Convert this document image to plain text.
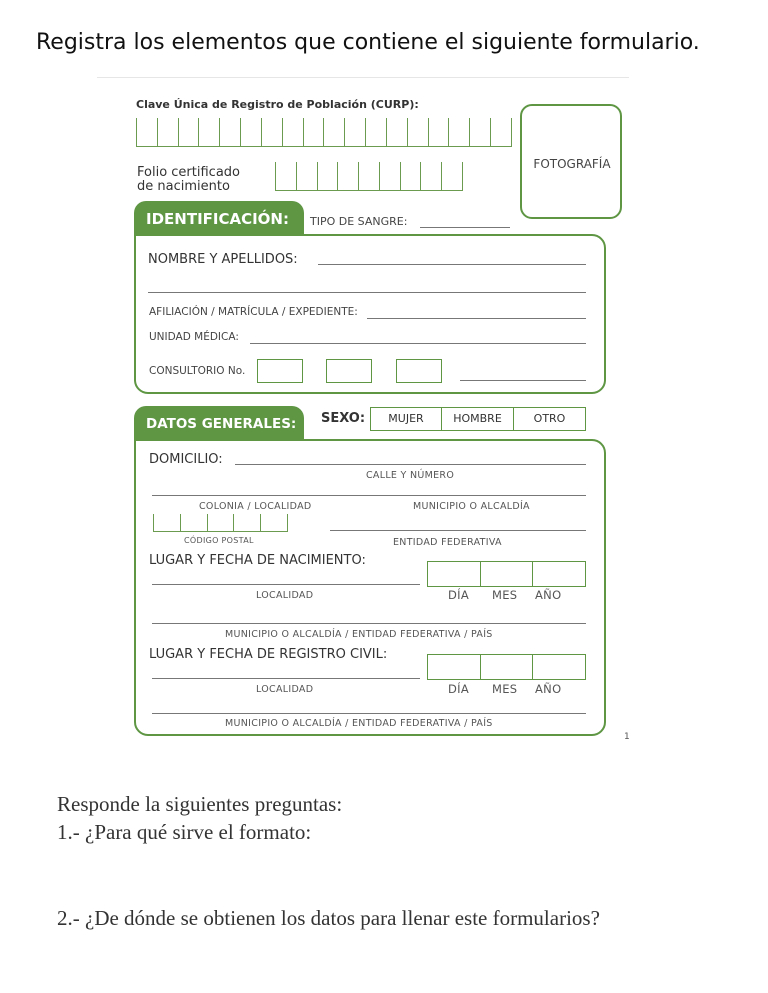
Registra los elementos que contiene el siguiente formulario.
Clave Única de Registro de Población (CURP):
Folio certificado
de nacimiento
FOTOGRAFÍA
IDENTIFICACIÓN: TIPO DE SANGRE:
NOMBRE Y APELLIDOS:
AFILIACIÓN / MATRÍCULA / EXPEDIENTE:
UNIDAD MÉDICA:
CONSULTORIO No.
DATOS GENERALES: SEXO:	MUJER	HOMBRE	OTRO
DOMICILIO:
CALLE Y NÚMERO
COLONIA / LOCALIDAD	MUNICIPIO O ALCALDÍA
CÓDIGO POSTAL	ENTIDAD FEDERATIVA
LUGAR Y FECHA DE NACIMIENTO:
LOCALIDAD	DÍA MES AÑO
MUNICIPIO O ALCALDÍA / ENTIDAD FEDERATIVA / PAÍS
LUGAR Y FECHA DE REGISTRO CIVIL:
LOCALIDAD	DÍA MES AÑO
MUNICIPIO O ALCALDÍA / ENTIDAD FEDERATIVA / PAÍS
1
Responde la siguientes preguntas:
1.- ¿Para qué sirve el formato:
2.- ¿De dónde se obtienen los datos para llenar este formularios?
